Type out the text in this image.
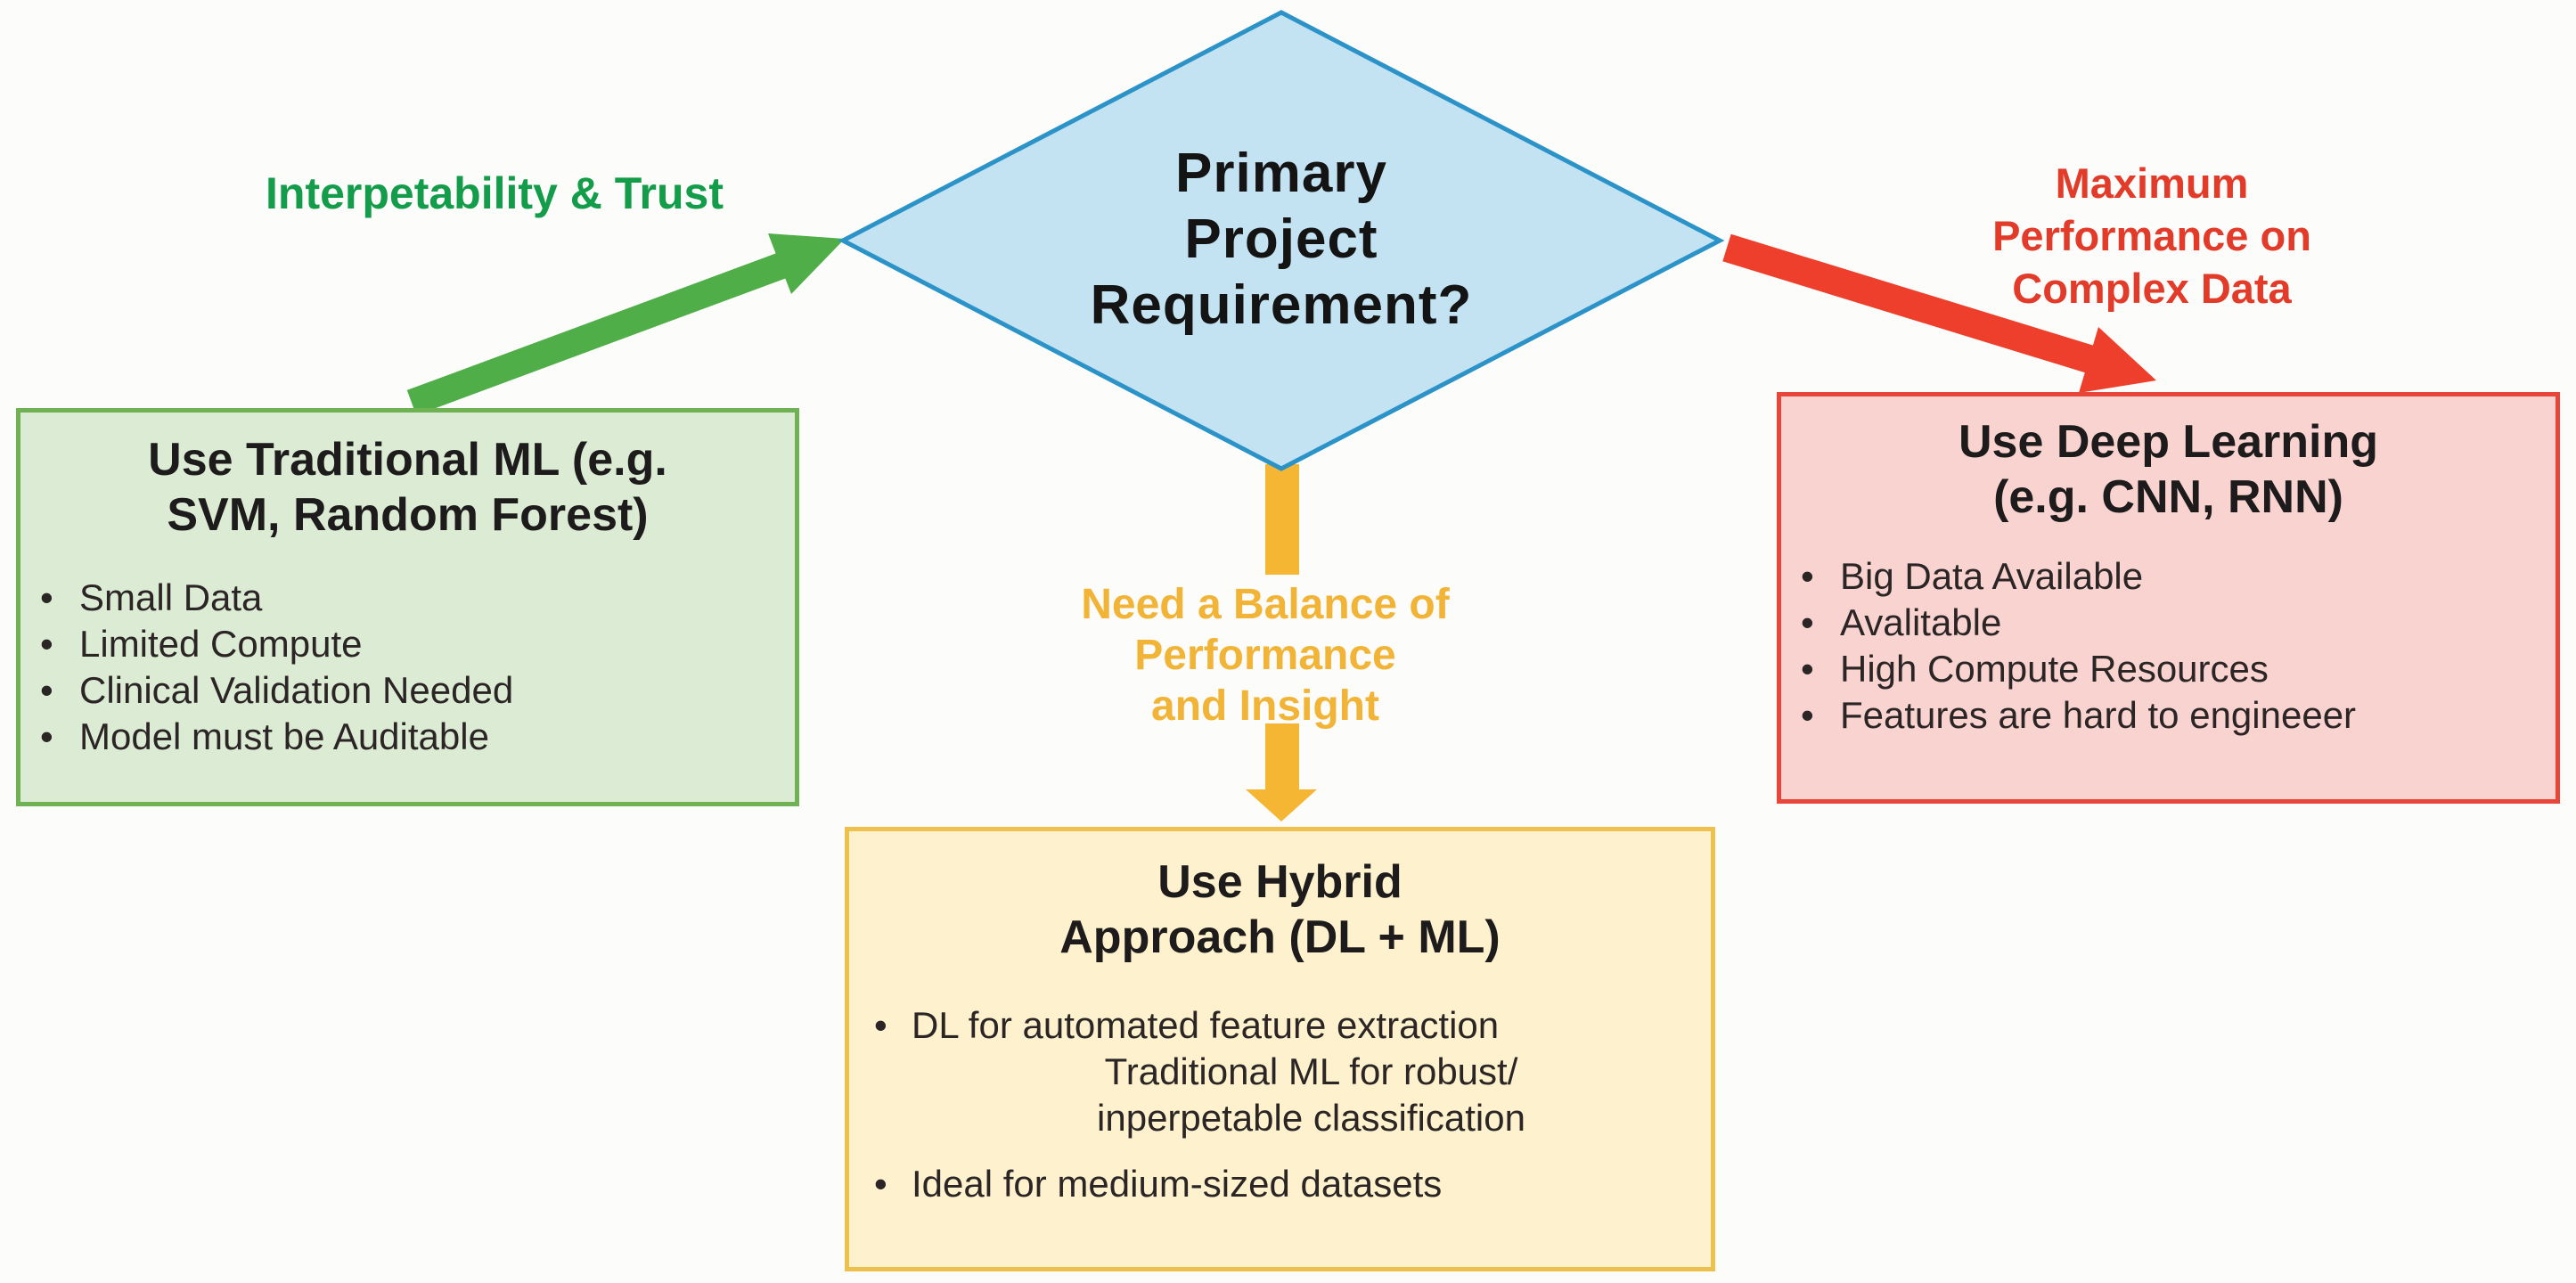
Primary
Project
Requirement?
Interpetability & Trust	Maximum
Performance on
Complex Data
Need a Balance of
Performance
and Insight
Use Traditional ML (e.g.
SVM, Random Forest)
• Small Data
• Limited Compute
• Clinical Validation Needed
• Model must be Auditable
Use Deep Learning
(e.g. CNN, RNN)
• Big Data Available
• Avalitable
• High Compute Resources
• Features are hard to engineeer
Use Hybrid
Approach (DL + ML)
• DL for automated feature extraction
Traditional ML for robust/
inperpetable classification
• Ideal for medium-sized datasets
